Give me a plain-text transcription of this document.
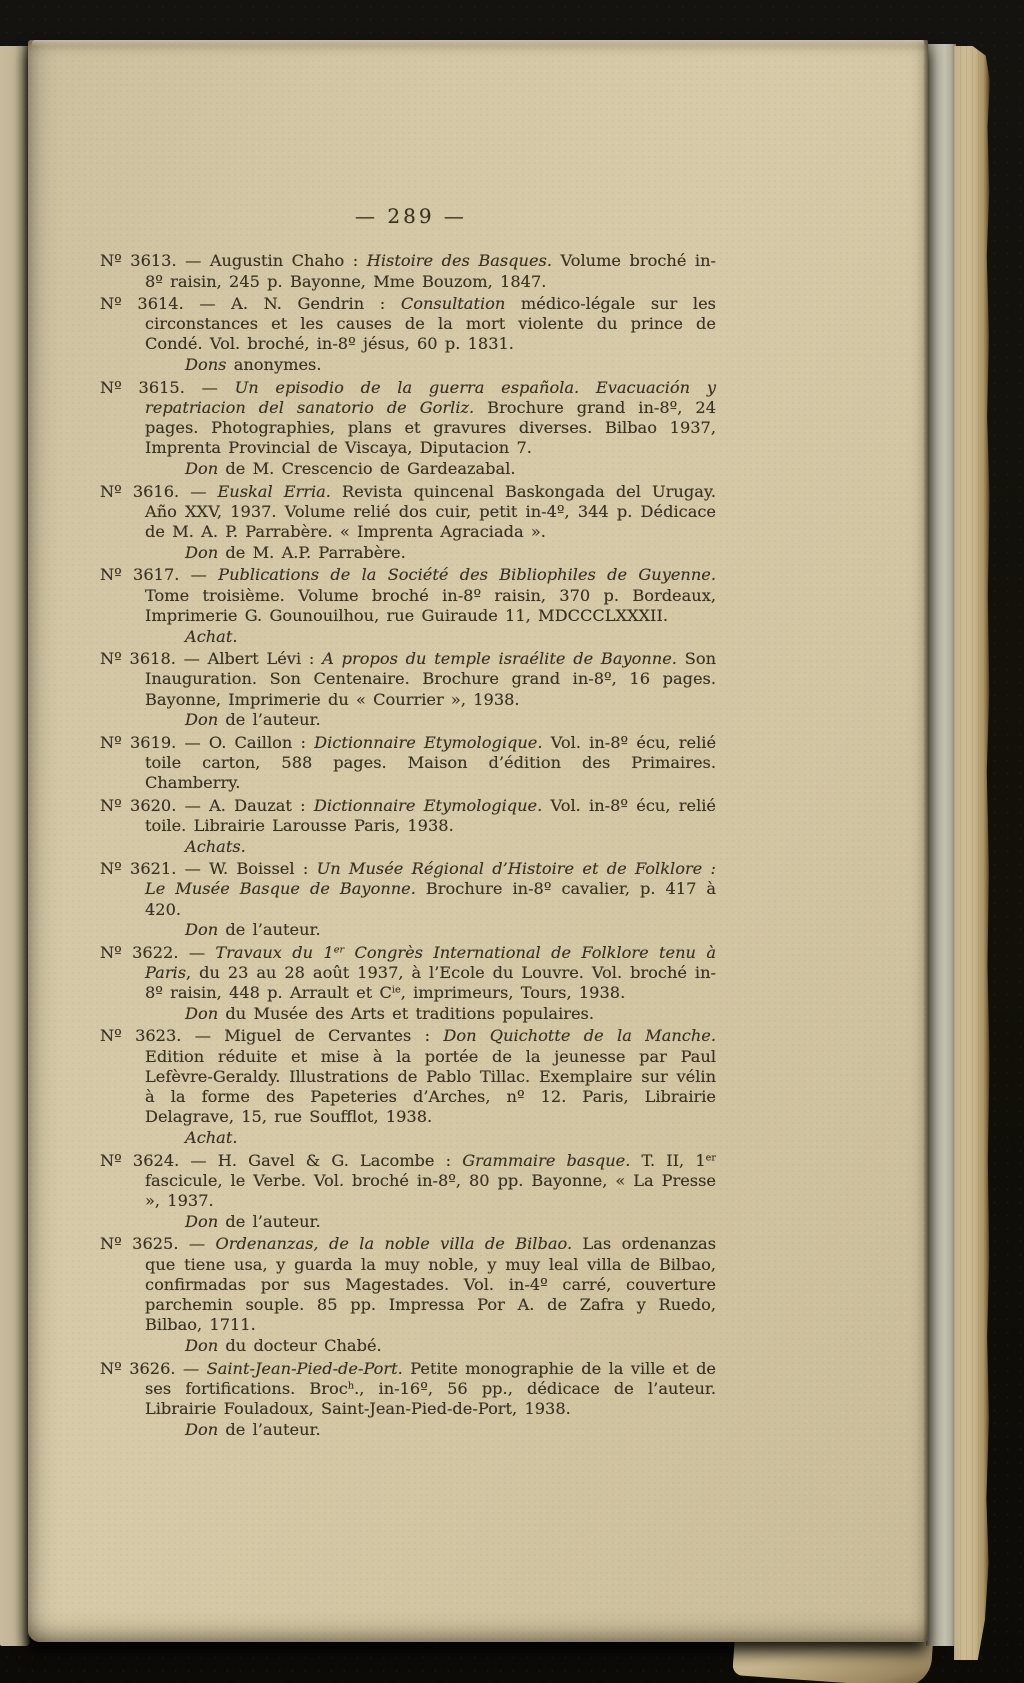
— 289 —
Nº 3613. — Augustin Chaho : Histoire des Basques. Volume broché in-8º raisin, 245 p. Bayonne, Mme Bouzom, 1847.
Nº 3614. — A. N. Gendrin : Consultation médico-légale sur les circonstances et les causes de la mort violente du prince de Condé. Vol. broché, in-8º jésus, 60 p. 1831.
Dons anonymes.
Nº 3615. — Un episodio de la guerra española. Evacuación y repatriacion del sanatorio de Gorliz. Brochure grand in-8º, 24 pages. Photographies, plans et gravures diverses. Bilbao 1937, Imprenta Provincial de Viscaya, Diputacion 7.
Don de M. Crescencio de Gardeazabal.
Nº 3616. — Euskal Erria. Revista quincenal Baskongada del Urugay. Año XXV, 1937. Volume relié dos cuir, petit in-4º, 344 p. Dédicace de M. A. P. Parrabère. « Imprenta Agraciada ».
Don de M. A.P. Parrabère.
Nº 3617. — Publications de la Société des Bibliophiles de Guyenne. Tome troisième. Volume broché in-8º raisin, 370 p. Bordeaux, Imprimerie G. Gounouilhou, rue Guiraude 11, MDCCCLXXXII.
Achat.
Nº 3618. — Albert Lévi : A propos du temple israélite de Bayonne. Son Inauguration. Son Centenaire. Brochure grand in-8º, 16 pages. Bayonne, Imprimerie du « Courrier », 1938.
Don de l’auteur.
Nº 3619. — O. Caillon : Dictionnaire Etymologique. Vol. in-8º écu, relié toile carton, 588 pages. Maison d’édition des Primaires. Chamberry.
Nº 3620. — A. Dauzat : Dictionnaire Etymologique. Vol. in-8º écu, relié toile. Librairie Larousse Paris, 1938.
Achats.
Nº 3621. — W. Boissel : Un Musée Régional d’Histoire et de Folklore : Le Musée Basque de Bayonne. Brochure in-8º cavalier, p. 417 à 420.
Don de l’auteur.
Nº 3622. — Travaux du 1er Congrès International de Folklore tenu à Paris, du 23 au 28 août 1937, à l’Ecole du Louvre. Vol. broché in-8º raisin, 448 p. Arrault et $C^{ie}$, imprimeurs, Tours, 1938.
Don du Musée des Arts et traditions populaires.
Nº 3623. — Miguel de Cervantes : Don Quichotte de la Manche. Edition réduite et mise à la portée de la jeunesse par Paul Lefèvre-Geraldy. Illustrations de Pablo Tillac. Exemplaire sur vélin à la forme des Papeteries d’Arches, nº 12. Paris, Librairie Delagrave, 15, rue Soufflot, 1938.
Achat.
Nº 3624. — H. Gavel & G. Lacombe : Grammaire basque. T. II, 1er fascicule, le Verbe. Vol. broché in-8º, 80 pp. Bayonne, « La Presse », 1937.
Don de l’auteur.
Nº 3625. — Ordenanzas, de la noble villa de Bilbao. Las ordenanzas que tiene usa, y guarda la muy noble, y muy leal villa de Bilbao, confirmadas por sus Magestades. Vol. in-4º carré, couverture parchemin souple. 85 pp. Impressa Por A. de Zafra y Ruedo, Bilbao, 1711.
Don du docteur Chabé.
Nº 3626. — Saint-Jean-Pied-de-Port. Petite monographie de la ville et de ses fortifications. Broc$^h$., in-16º, 56 pp., dédicace de l’auteur. Librairie Fouladoux, Saint-Jean-Pied-de-Port, 1938.
Don de l’auteur.
